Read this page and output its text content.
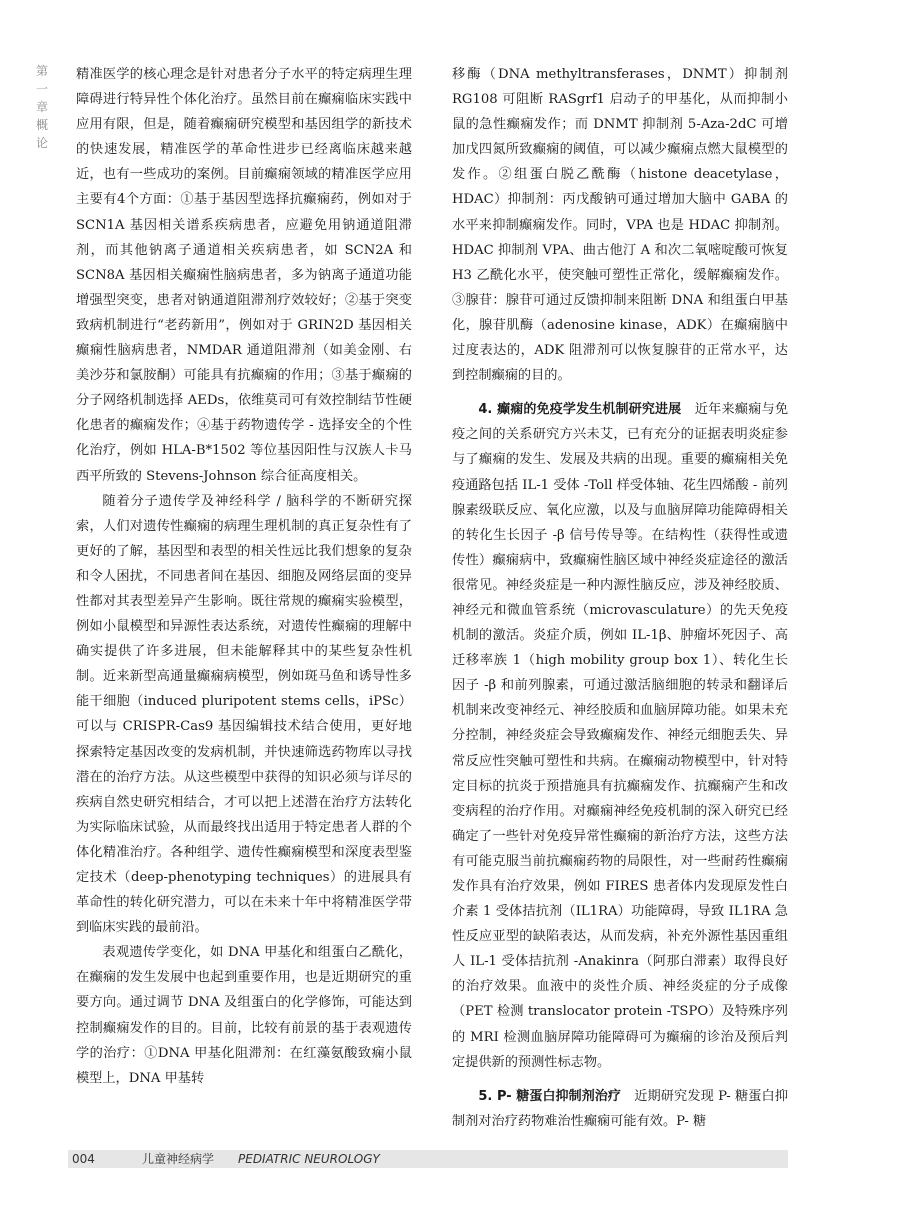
第
一
章
概
论

精准医学的核心理念是针对患者分子水平的特定病理生理障碍进行特异性个体化治疗。虽然目前在癫痫临床实践中应用有限，但是，随着癫痫研究模型和基因组学的新技术的快速发展，精准医学的革命性进步已经离临床越来越近，也有一些成功的案例。目前癫痫领域的精准医学应用主要有4个方面：①基于基因型选择抗癫痫药，例如对于 SCN1A 基因相关谱系疾病患者，应避免用钠通道阻滞剂，而其他钠离子通道相关疾病患者，如 SCN2A 和 SCN8A 基因相关癫痫性脑病患者，多为钠离子通道功能增强型突变，患者对钠通道阻滞剂疗效较好；②基于突变致病机制进行“老药新用”，例如对于 GRIN2D 基因相关癫痫性脑病患者，NMDAR 通道阻滞剂（如美金刚、右美沙芬和氯胺酮）可能具有抗癫痫的作用；③基于癫痫的分子网络机制选择 AEDs，依维莫司可有效控制结节性硬化患者的癫痫发作；④基于药物遗传学 - 选择安全的个性化治疗，例如 HLA-B*1502 等位基因阳性与汉族人卡马西平所致的 Stevens-Johnson 综合征高度相关。

随着分子遗传学及神经科学 / 脑科学的不断研究探索，人们对遗传性癫痫的病理生理机制的真正复杂性有了更好的了解，基因型和表型的相关性远比我们想象的复杂和令人困扰，不同患者间在基因、细胞及网络层面的变异性都对其表型差异产生影响。既往常规的癫痫实验模型，例如小鼠模型和异源性表达系统，对遗传性癫痫的理解中确实提供了许多进展，但未能解释其中的某些复杂性机制。近来新型高通量癫痫病模型，例如斑马鱼和诱导性多能干细胞（induced pluripotent stems cells，iPSc）可以与 CRISPR-Cas9 基因编辑技术结合使用，更好地探索特定基因改变的发病机制，并快速筛选药物库以寻找潜在的治疗方法。从这些模型中获得的知识必须与详尽的疾病自然史研究相结合，才可以把上述潜在治疗方法转化为实际临床试验，从而最终找出适用于特定患者人群的个体化精准治疗。各种组学、遗传性癫痫模型和深度表型鉴定技术（deep-phenotyping techniques）的进展具有革命性的转化研究潜力，可以在未来十年中将精准医学带到临床实践的最前沿。

表观遗传学变化，如 DNA 甲基化和组蛋白乙酰化，在癫痫的发生发展中也起到重要作用，也是近期研究的重要方向。通过调节 DNA 及组蛋白的化学修饰，可能达到控制癫痫发作的目的。目前，比较有前景的基于表观遗传学的治疗：①DNA 甲基化阻滞剂：在红藻氨酸致痫小鼠模型上，DNA 甲基转

移酶（DNA methyltransferases，DNMT）抑制剂 RG108 可阻断 RASgrf1 启动子的甲基化，从而抑制小鼠的急性癫痫发作；而 DNMT 抑制剂 5-Aza-2dC 可增加戊四氮所致癫痫的阈值，可以减少癫痫点燃大鼠模型的发作。②组蛋白脱乙酰酶（histone deacetylase，HDAC）抑制剂：丙戊酸钠可通过增加大脑中 GABA 的水平来抑制癫痫发作。同时，VPA 也是 HDAC 抑制剂。HDAC 抑制剂 VPA、曲古他汀 A 和次二氧嘧啶酸可恢复 H3 乙酰化水平，使突触可塑性正常化，缓解癫痫发作。③腺苷：腺苷可通过反馈抑制来阻断 DNA 和组蛋白甲基化，腺苷肌酶（adenosine kinase，ADK）在癫痫脑中过度表达的，ADK 阻滞剂可以恢复腺苷的正常水平，达到控制癫痫的目的。

4. 癫痫的免疫学发生机制研究进展　 近年来癫痫与免疫之间的关系研究方兴未艾，已有充分的证据表明炎症参与了癫痫的发生、发展及共病的出现。重要的癫痫相关免疫通路包括 IL-1 受体 -Toll 样受体轴、花生四烯酸 - 前列腺素级联反应、氧化应激，以及与血脑屏障功能障碍相关的转化生长因子 -β 信号传导等。在结构性（获得性或遗传性）癫痫病中，致癫痫性脑区域中神经炎症途径的激活很常见。神经炎症是一种内源性脑反应，涉及神经胶质、神经元和微血管系统（microvasculature）的先天免疫机制的激活。炎症介质，例如 IL-1β、肿瘤坏死因子、高迁移率族 1（high mobility group box 1）、转化生长因子 -β 和前列腺素，可通过激活脑细胞的转录和翻译后机制来改变神经元、神经胶质和血脑屏障功能。如果未充分控制，神经炎症会导致癫痫发作、神经元细胞丢失、异常反应性突触可塑性和共病。在癫痫动物模型中，针对特定目标的抗炎于预措施具有抗癫痫发作、抗癫痫产生和改变病程的治疗作用。对癫痫神经免疫机制的深入研究已经确定了一些针对免疫异常性癫痫的新治疗方法，这些方法有可能克服当前抗癫痫药物的局限性，对一些耐药性癫痫发作具有治疗效果，例如 FIRES 患者体内发现原发性白介素 1 受体拮抗剂（IL1RA）功能障碍，导致 IL1RA 急性反应亚型的缺陷表达，从而发病，补充外源性基因重组人 IL-1 受体拮抗剂 -Anakinra（阿那白滞素）取得良好的治疗效果。血液中的炎性介质、神经炎症的分子成像（PET 检测 translocator protein -TSPO）及特殊序列的 MRI 检测血脑屏障功能障碍可为癫痫的诊治及预后判定提供新的预测性标志物。

5. P- 糖蛋白抑制剂治疗　 近期研究发现 P- 糖蛋白抑制剂对治疗药物难治性癫痫可能有效。P- 糖

004	儿童神经病学 PEDIATRIC NEUROLOGY
